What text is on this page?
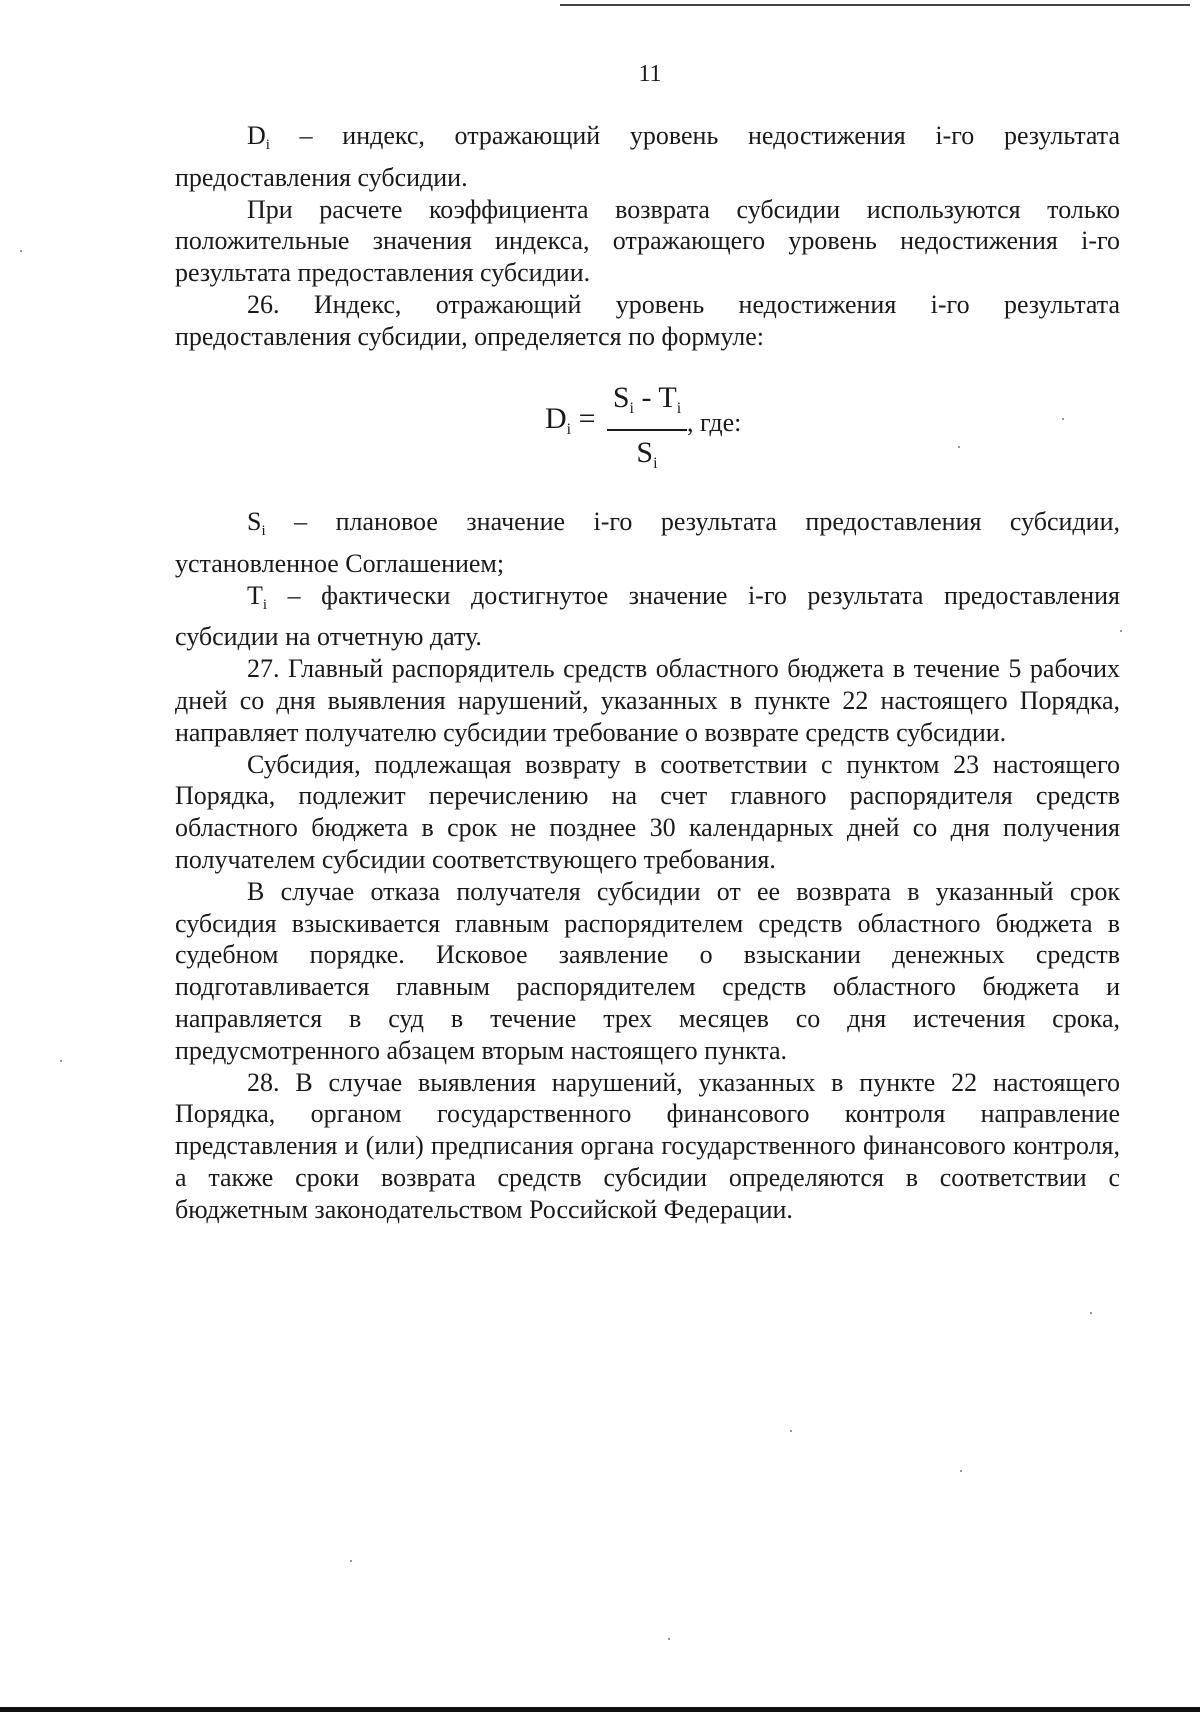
11

$D_i$ – индекс, отражающий уровень недостижения i-го результата предоставления субсидии.

При расчете коэффициента возврата субсидии используются только положительные значения индекса, отражающего уровень недостижения i-го результата предоставления субсидии.

26. Индекс, отражающий уровень недостижения i-го результата предоставления субсидии, определяется по формуле:

$D_i$ =
$S_i - T_i$
$S_i$
, где:

$S_i$ – плановое значение i-го результата предоставления субсидии, установленное Соглашением;

$T_i$ – фактически достигнутое значение i-го результата предоставления субсидии на отчетную дату.

27. Главный распорядитель средств областного бюджета в течение 5 рабочих дней со дня выявления нарушений, указанных в пункте 22 настоящего Порядка, направляет получателю субсидии требование о возврате средств субсидии.

Субсидия, подлежащая возврату в соответствии с пунктом 23 настоящего Порядка, подлежит перечислению на счет главного распорядителя средств областного бюджета в срок не позднее 30 календарных дней со дня получения получателем субсидии соответствующего требования.

В случае отказа получателя субсидии от ее возврата в указанный срок субсидия взыскивается главным распорядителем средств областного бюджета в судебном порядке. Исковое заявление о взыскании денежных средств подготавливается главным распорядителем средств областного бюджета и направляется в суд в течение трех месяцев со дня истечения срока, предусмотренного абзацем вторым настоящего пункта.

28. В случае выявления нарушений, указанных в пункте 22 настоящего Порядка, органом государственного финансового контроля направление представления и (или) предписания органа государственного финансового контроля, а также сроки возврата средств субсидии определяются в соответствии с бюджетным законодательством Российской Федерации.
